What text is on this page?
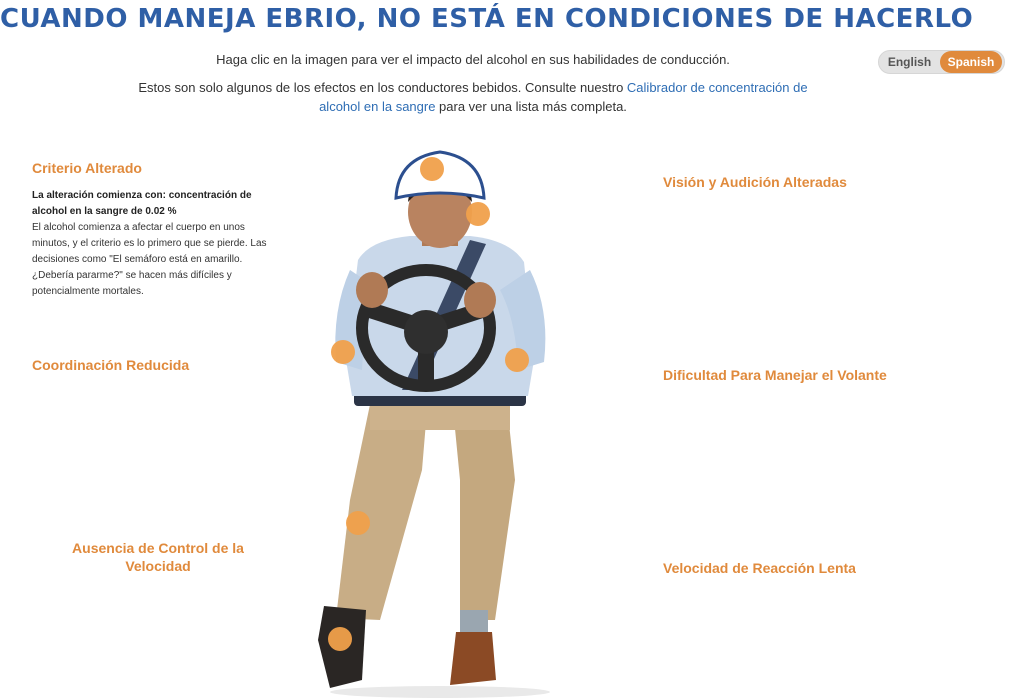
CUANDO MANEJA EBRIO, NO ESTÁ EN CONDICIONES DE HACERLO

Haga clic en la imagen para ver el impacto del alcohol en sus habilidades de conducción.

Estos son solo algunos de los efectos en los conductores bebidos. Consulte nuestro Calibrador de concentración de alcohol en la sangre para ver una lista más completa.

English	Spanish
Criterio Alterado
La alteración comienza con: concentración de alcohol en la sangre de 0.02 %
El alcohol comienza a afectar el cuerpo en unos minutos, y el criterio es lo primero que se pierde. Las decisiones como "El semáforo está en amarillo. ¿Debería pararme?" se hacen más difíciles y potencialmente mortales.
Coordinación Reducida
Ausencia de Control de la Velocidad
Visión y Audición Alteradas
Dificultad Para Manejar el Volante
Velocidad de Reacción Lenta
